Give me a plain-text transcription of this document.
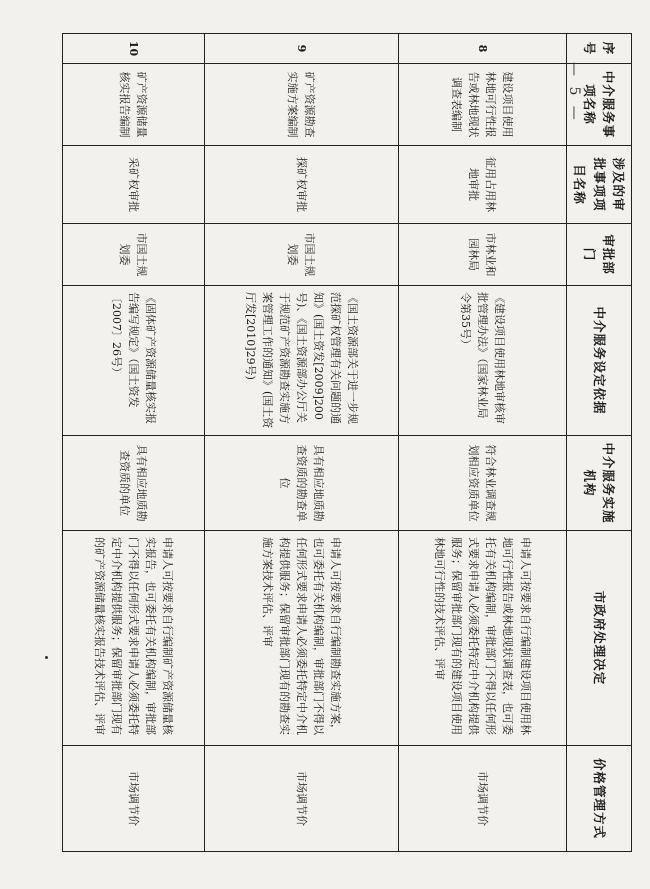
序号	中介服务事项名称	涉及的审批事项项目名称	审批部门	中介服务设定依据	中介服务实施机构	市政府处理决定	价格管理方式
8	建设项目使用林地可行性报告或林地现状调查表编制	征用占用林地审批	市林业和园林局	《建设项目使用林地审核审批管理办法》（国家林业局令第35号）	符合林业调查规划相应资质单位	申请人可按要求自行编制建设项目使用林地可行性报告或林地现状调查表，也可委托有关机构编制，审批部门不得以任何形式要求申请人必须委托特定中介机构提供服务；保留审批部门现有的建设项目使用林地可行性的技术评估、评审	市场调节价
9	矿产资源勘查实施方案编制	探矿权审批	市国土规划委	《国土资源部关于进一步规范探矿权管理有关问题的通知》(国土资发[2009]200号)、《国土资源部办公厅关于规范矿产资源勘查实施方案管理工作的通知》(国土资厅发[2010]29号)	具有相应地质勘查资质的勘查单位	申请人可按要求自行编制勘查实施方案，也可委托有关机构编制，审批部门不得以任何形式要求申请人必须委托特定中介机构提供服务；保留审批部门现有的勘查实施方案技术评估、评审	市场调节价
10	矿产资源储量核实报告编制	采矿权审批	市国土规划委	《固体矿产资源储量核实报告编写规定》（国土资发〔2007〕26号）	具有相应地质勘查资质的单位	申请人可按要求自行编制矿产资源储量核实报告，也可委托有关机构编制，审批部门不得以任何形式要求申请人必须委托特定中介机构提供服务；保留审批部门现有的矿产资源储量核实报告技术评估、评审	市场调节价
— 5 —
